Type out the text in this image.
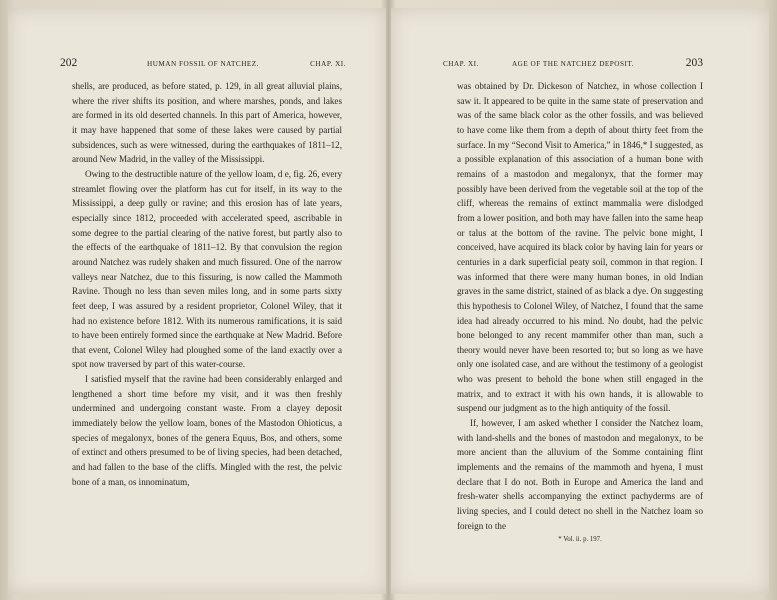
202	HUMAN FOSSIL OF NATCHEZ.	CHAP. XI.

shells, are produced, as before stated, p. 129, in all great alluvial plains, where the river shifts its position, and where marshes, ponds, and lakes are formed in its old deserted channels. In this part of America, however, it may have happened that some of these lakes were caused by partial subsidences, such as were witnessed, during the earthquakes of 1811–12, around New Madrid, in the valley of the Mississippi.

Owing to the destructible nature of the yellow loam, d e, fig. 26, every streamlet flowing over the platform has cut for itself, in its way to the Mississippi, a deep gully or ravine; and this erosion has of late years, especially since 1812, proceeded with accelerated speed, ascribable in some degree to the partial clearing of the native forest, but partly also to the effects of the earthquake of 1811–12. By that convulsion the region around Natchez was rudely shaken and much fissured. One of the narrow valleys near Natchez, due to this fissuring, is now called the Mammoth Ravine. Though no less than seven miles long, and in some parts sixty feet deep, I was assured by a resident proprietor, Colonel Wiley, that it had no existence before 1812. With its numerous ramifications, it is said to have been entirely formed since the earthquake at New Madrid. Before that event, Colonel Wiley had ploughed some of the land exactly over a spot now traversed by part of this water-course.

I satisfied myself that the ravine had been considerably enlarged and lengthened a short time before my visit, and it was then freshly undermined and undergoing constant waste. From a clayey deposit immediately below the yellow loam, bones of the Mastodon Ohioticus, a species of megalonyx, bones of the genera Equus, Bos, and others, some of extinct and others presumed to be of living species, had been detached, and had fallen to the base of the cliffs. Mingled with the rest, the pelvic bone of a man, os innominatum,

CHAP. XI.	AGE OF THE NATCHEZ DEPOSIT.	203

was obtained by Dr. Dickeson of Natchez, in whose collection I saw it. It appeared to be quite in the same state of preservation and was of the same black color as the other fossils, and was believed to have come like them from a depth of about thirty feet from the surface. In my “Second Visit to America,” in 1846,* I suggested, as a possible explanation of this association of a human bone with remains of a mastodon and megalonyx, that the former may possibly have been derived from the vegetable soil at the top of the cliff, whereas the remains of extinct mammalia were dislodged from a lower position, and both may have fallen into the same heap or talus at the bottom of the ravine. The pelvic bone might, I conceived, have acquired its black color by having lain for years or centuries in a dark superficial peaty soil, common in that region. I was informed that there were many human bones, in old Indian graves in the same district, stained of as black a dye. On suggesting this hypothesis to Colonel Wiley, of Natchez, I found that the same idea had already occurred to his mind. No doubt, had the pelvic bone belonged to any recent mammifer other than man, such a theory would never have been resorted to; but so long as we have only one isolated case, and are without the testimony of a geologist who was present to behold the bone when still engaged in the matrix, and to extract it with his own hands, it is allowable to suspend our judgment as to the high antiquity of the fossil.

If, however, I am asked whether I consider the Natchez loam, with land-shells and the bones of mastodon and megalonyx, to be more ancient than the alluvium of the Somme containing flint implements and the remains of the mammoth and hyena, I must declare that I do not. Both in Europe and America the land and fresh-water shells accompanying the extinct pachyderms are of living species, and I could detect no shell in the Natchez loam so foreign to the

* Vol. ii. p. 197.
